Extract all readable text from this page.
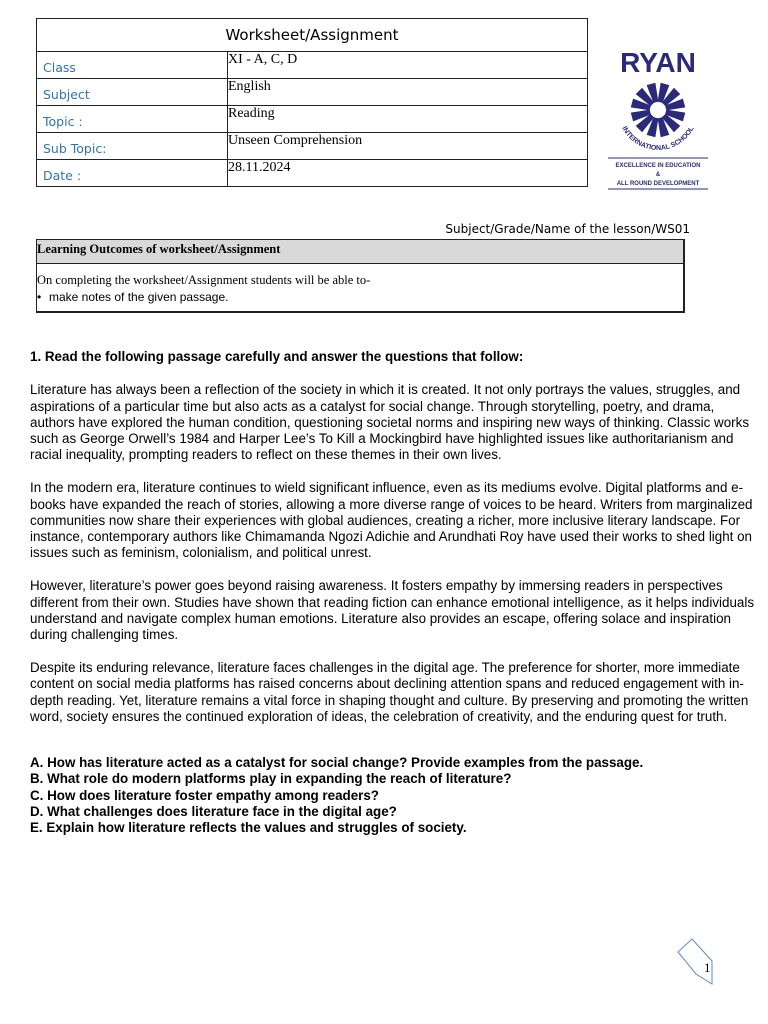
Worksheet/Assignment	
Class	XI - A, C, D
Subject	English
Topic :	Reading
Sub Topic:	Unseen Comprehension
Date :	28.11.2024
RYAN
INTERNATIONAL SCHOOL
EXCELLENCE IN EDUCATION
&
ALL ROUND DEVELOPMENT
Subject/Grade/Name of the lesson/WS01
Learning Outcomes of worksheet/Assignment
On completing the worksheet/Assignment students will be able to-
• make notes of the given passage.
1. Read the following passage carefully and answer the questions that follow:

Literature has always been a reflection of the society in which it is created. It not only portrays the values, struggles, and aspirations of a particular time but also acts as a catalyst for social change. Through storytelling, poetry, and drama, authors have explored the human condition, questioning societal norms and inspiring new ways of thinking. Classic works such as George Orwell’s 1984 and Harper Lee’s To Kill a Mockingbird have highlighted issues like authoritarianism and racial inequality, prompting readers to reflect on these themes in their own lives.

In the modern era, literature continues to wield significant influence, even as its mediums evolve. Digital platforms and e-books have expanded the reach of stories, allowing a more diverse range of voices to be heard. Writers from marginalized communities now share their experiences with global audiences, creating a richer, more inclusive literary landscape. For instance, contemporary authors like Chimamanda Ngozi Adichie and Arundhati Roy have used their works to shed light on issues such as feminism, colonialism, and political unrest.

However, literature’s power goes beyond raising awareness. It fosters empathy by immersing readers in perspectives different from their own. Studies have shown that reading fiction can enhance emotional intelligence, as it helps individuals understand and navigate complex human emotions. Literature also provides an escape, offering solace and inspiration during challenging times.

Despite its enduring relevance, literature faces challenges in the digital age. The preference for shorter, more immediate content on social media platforms has raised concerns about declining attention spans and reduced engagement with in-depth reading. Yet, literature remains a vital force in shaping thought and culture. By preserving and promoting the written word, society ensures the continued exploration of ideas, the celebration of creativity, and the enduring quest for truth.

A. How has literature acted as a catalyst for social change? Provide examples from the passage.
B. What role do modern platforms play in expanding the reach of literature?
C. How does literature foster empathy among readers?
D. What challenges does literature face in the digital age?
E. Explain how literature reflects the values and struggles of society.
1
